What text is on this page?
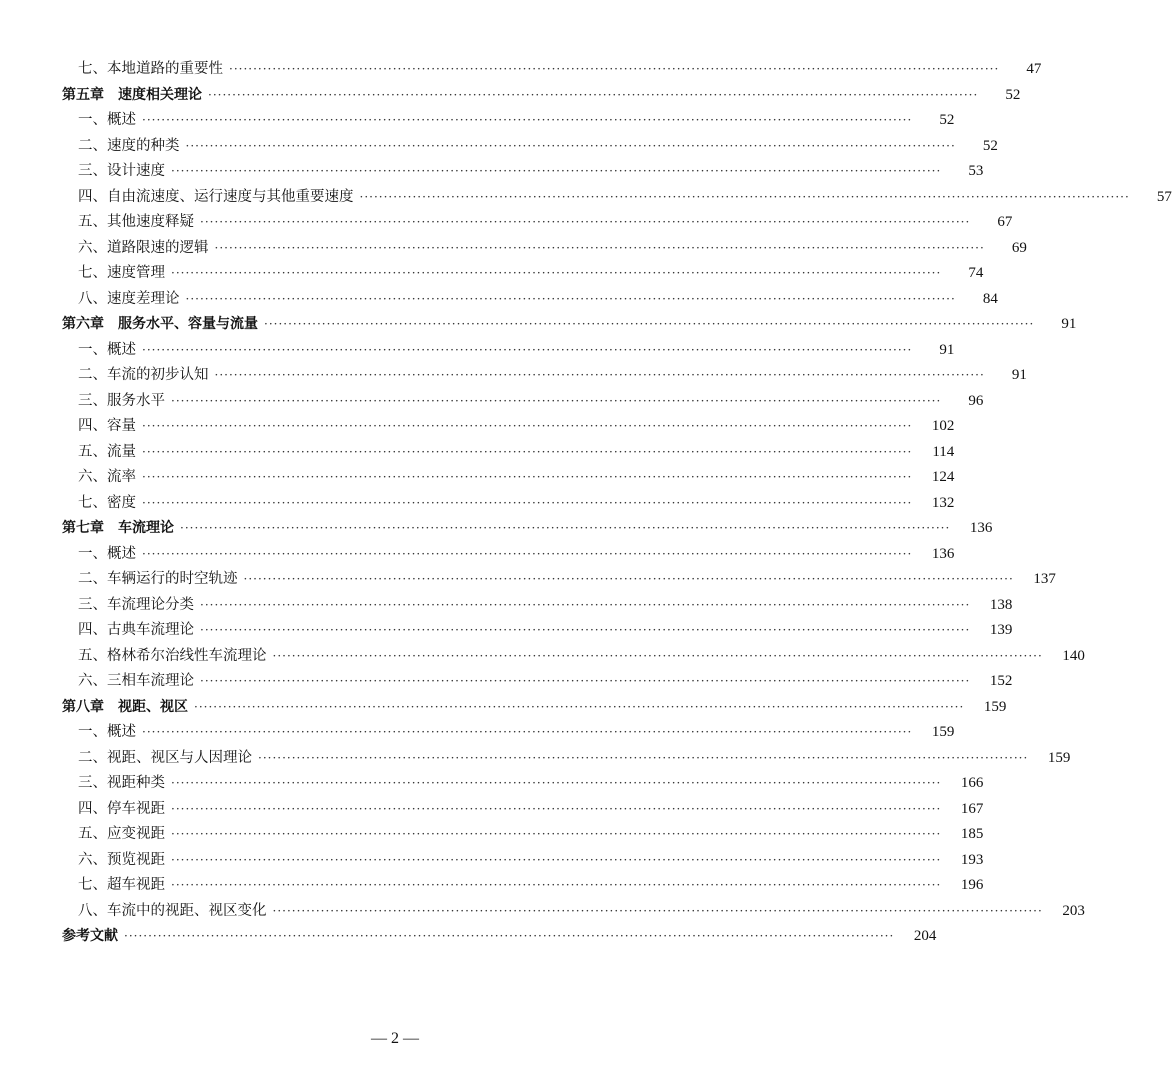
七、本地道路的重要性 ································································································································································	47
第五章　速度相关理论 ································································································································································	52
一、概述 ································································································································································	52
二、速度的种类 ································································································································································	52
三、设计速度 ································································································································································	53
四、自由流速度、运行速度与其他重要速度 ································································································································································	57
五、其他速度释疑 ································································································································································	67
六、道路限速的逻辑 ································································································································································	69
七、速度管理 ································································································································································	74
八、速度差理论 ································································································································································	84
第六章　服务水平、容量与流量 ································································································································································	91
一、概述 ································································································································································	91
二、车流的初步认知 ································································································································································	91
三、服务水平 ································································································································································	96
四、容量 ································································································································································	102
五、流量 ································································································································································	114
六、流率 ································································································································································	124
七、密度 ································································································································································	132
第七章　车流理论 ································································································································································	136
一、概述 ································································································································································	136
二、车辆运行的时空轨迹 ································································································································································	137
三、车流理论分类 ································································································································································	138
四、古典车流理论 ································································································································································	139
五、格林希尔治线性车流理论 ································································································································································	140
六、三相车流理论 ································································································································································	152
第八章　视距、视区 ································································································································································	159
一、概述 ································································································································································	159
二、视距、视区与人因理论 ································································································································································	159
三、视距种类 ································································································································································	166
四、停车视距 ································································································································································	167
五、应变视距 ································································································································································	185
六、预览视距 ································································································································································	193
七、超车视距 ································································································································································	196
八、车流中的视距、视区变化 ································································································································································	203
参考文献 ································································································································································	204
— 2 —
